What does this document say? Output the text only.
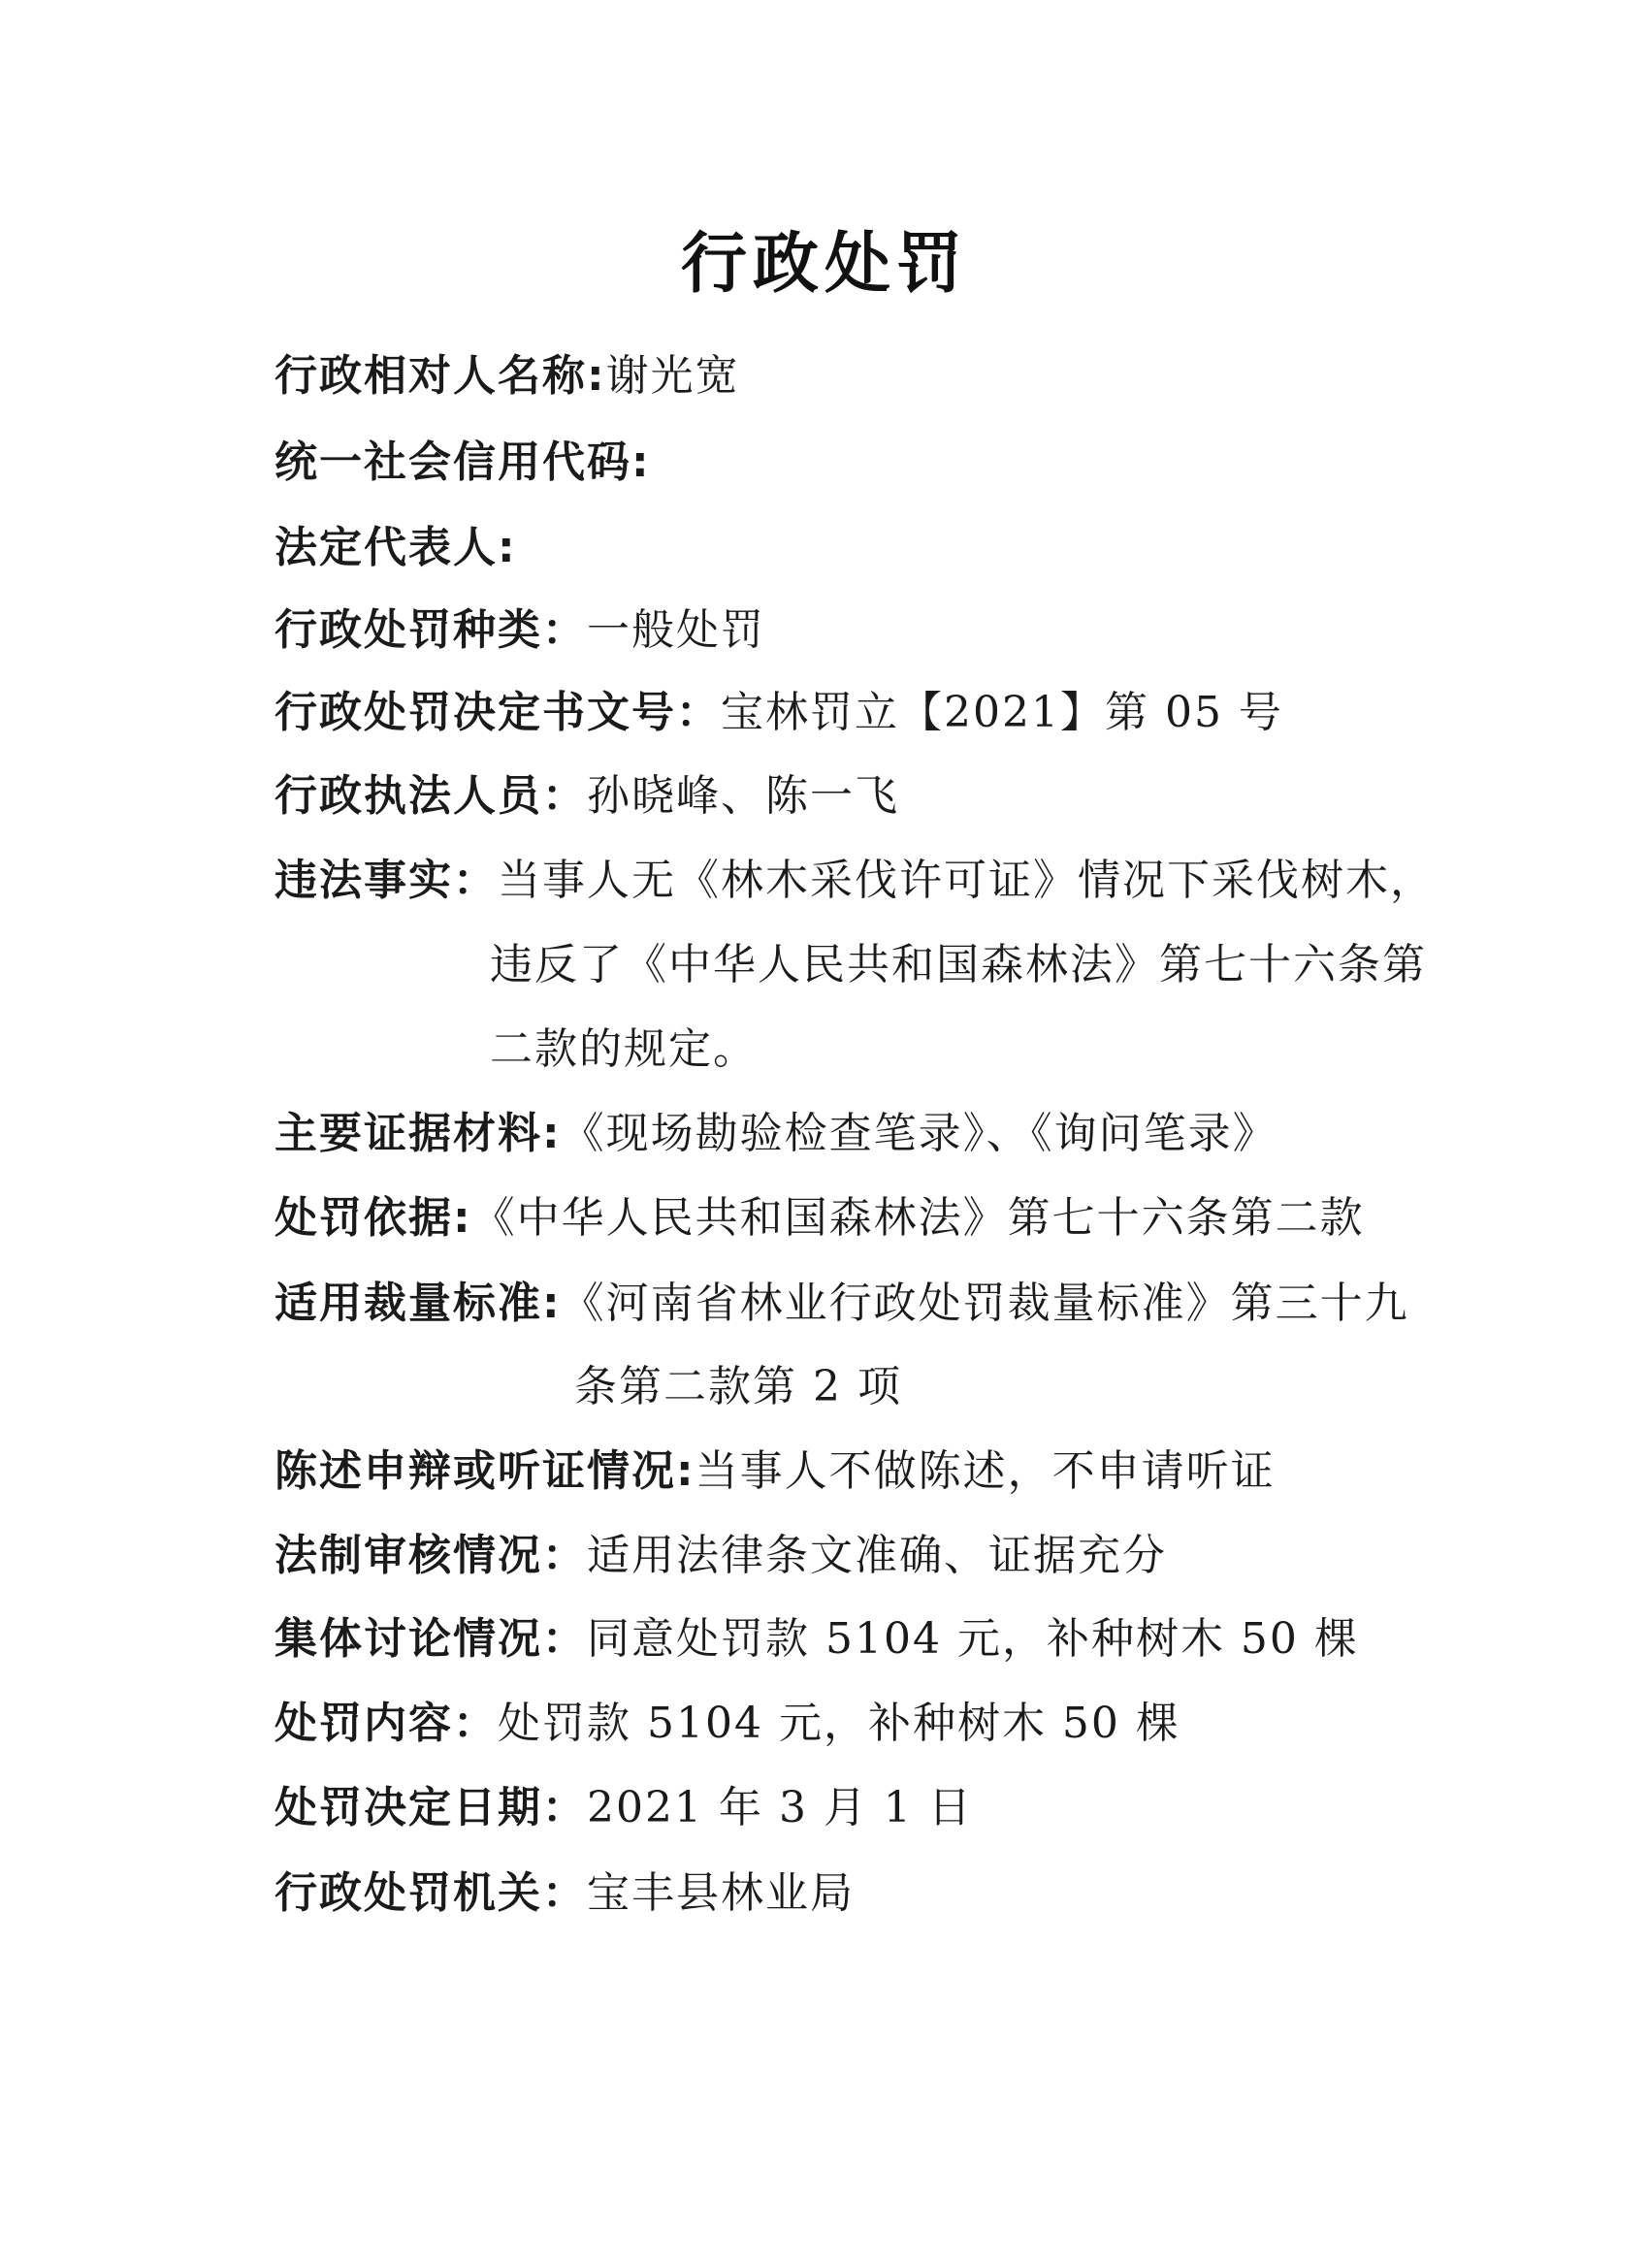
行政处罚
行政相对人名称:谢光宽
统一社会信用代码:
法定代表人:
行政处罚种类：一般处罚
行政处罚决定书文号：宝林罚立【2021】第 05 号
行政执法人员：孙晓峰、陈一飞
违法事实：当事人无《林木采伐许可证》情况下采伐树木，
违反了《中华人民共和国森林法》第七十六条第
二款的规定。
主要证据材料:《现场勘验检查笔录》、《询问笔录》
处罚依据:《中华人民共和国森林法》第七十六条第二款
适用裁量标准:《河南省林业行政处罚裁量标准》第三十九
条第二款第 2 项
陈述申辩或听证情况:当事人不做陈述，不申请听证
法制审核情况：适用法律条文准确、证据充分
集体讨论情况：同意处罚款 5104 元，补种树木 50 棵
处罚内容：处罚款 5104 元，补种树木 50 棵
处罚决定日期：2021 年 3 月 1 日
行政处罚机关：宝丰县林业局
